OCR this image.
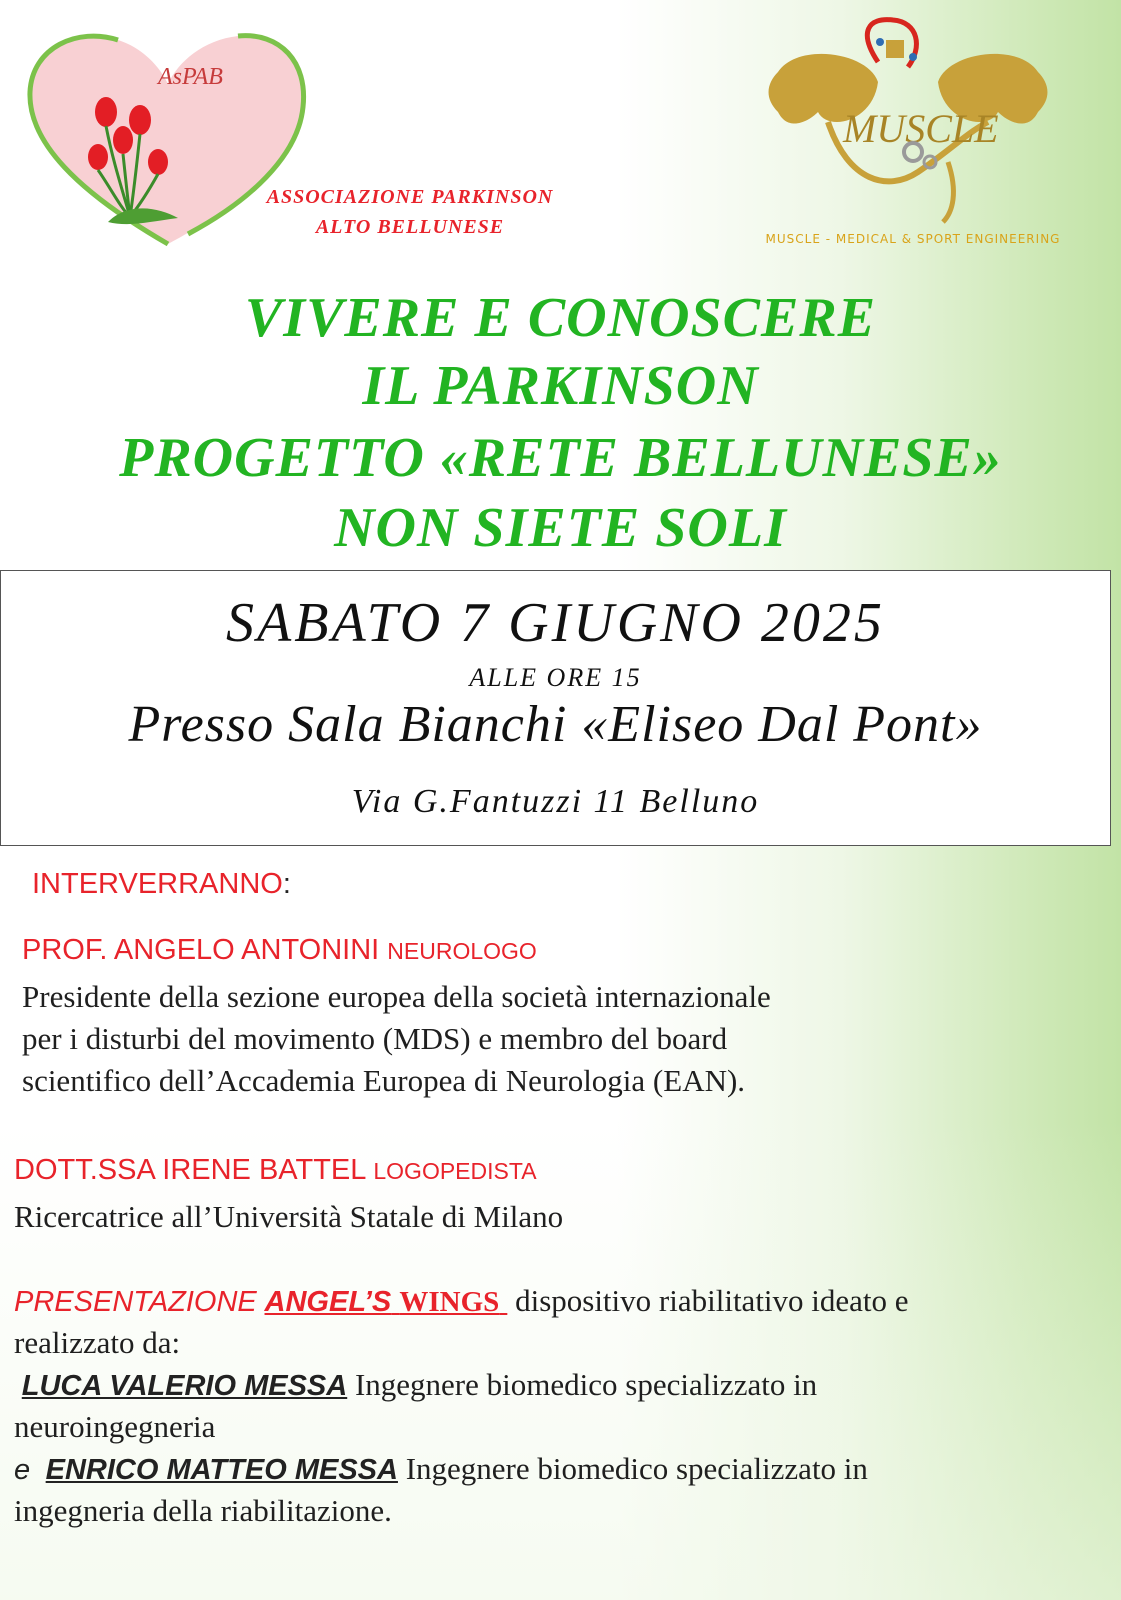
AsPAB
ASSOCIAZIONE PARKINSON
ALTO BELLUNESE
MUSCLE
MUSCLE - MEDICAL & SPORT ENGINEERING
VIVERE E CONOSCERE
IL PARKINSON
PROGETTO «RETE BELLUNESE»
NON SIETE SOLI
SABATO 7 GIUGNO 2025
ALLE ORE 15
Presso Sala Bianchi «Eliseo Dal Pont»
Via G.Fantuzzi 11 Belluno
INTERVERRANNO:
PROF. ANGELO ANTONINI NEUROLOGO
Presidente della sezione europea della società internazionale
per i disturbi del movimento (MDS) e membro del board
scientifico dell’Accademia Europea di Neurologia (EAN).
DOTT.SSA IRENE BATTEL LOGOPEDISTA
Ricercatrice all’Università Statale di Milano
PRESENTAZIONE ANGEL’S WINGS dispositivo riabilitativo ideato e
realizzato da:
LUCA VALERIO MESSA Ingegnere biomedico specializzato in
neuroingegneria
e ENRICO MATTEO MESSA Ingegnere biomedico specializzato in
ingegneria della riabilitazione.
